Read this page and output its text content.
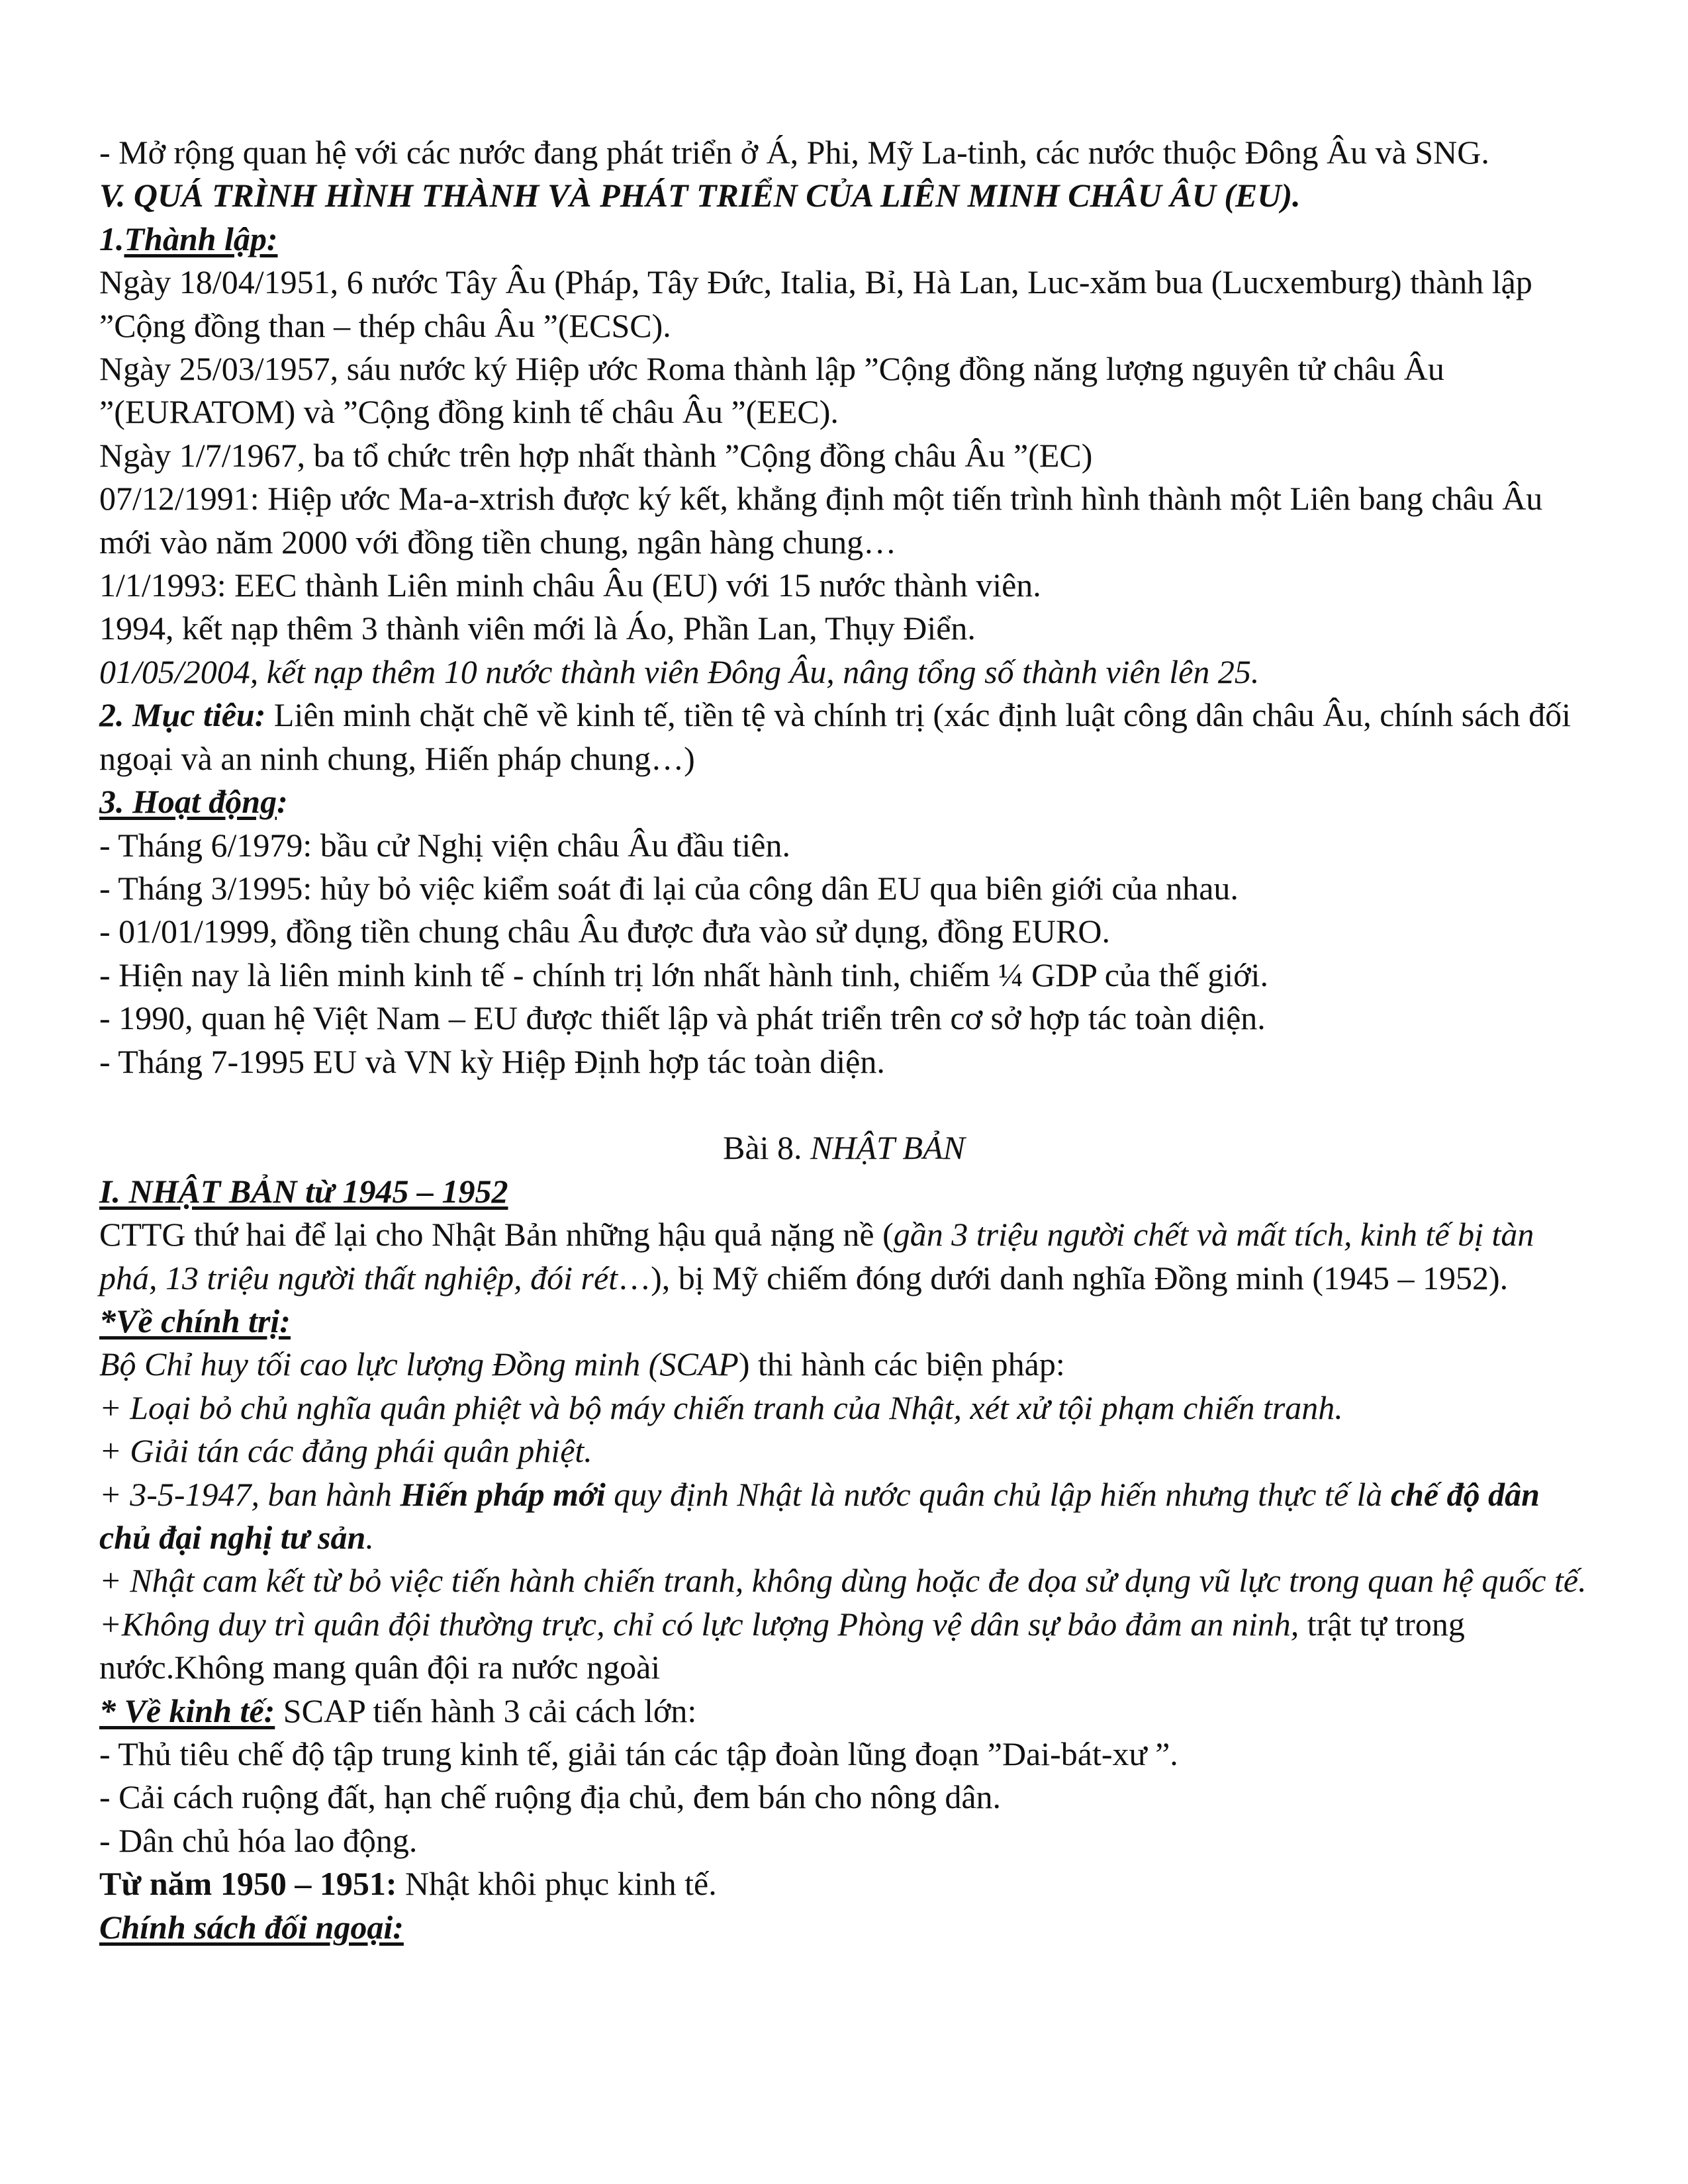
- Mở rộng quan hệ với các nước đang phát triển ở Á, Phi, Mỹ La-tinh, các nước thuộc Đông Âu và SNG.

V. QUÁ TRÌNH HÌNH THÀNH VÀ PHÁT TRIỂN CỦA LIÊN MINH CHÂU ÂU (EU).

1.Thành lập:

Ngày 18/04/1951, 6 nước Tây Âu (Pháp, Tây Đức, Italia, Bỉ, Hà Lan, Luc-xăm bua (Lucxemburg) thành lập ”Cộng đồng than – thép châu Âu ”(ECSC).

Ngày 25/03/1957, sáu nước ký Hiệp ước Roma thành lập ”Cộng đồng năng lượng nguyên tử châu Âu ”(EURATOM) và ”Cộng đồng kinh tế châu Âu ”(EEC).

Ngày 1/7/1967, ba tổ chức trên hợp nhất thành ”Cộng đồng châu Âu ”(EC)

07/12/1991: Hiệp ước Ma-a-xtrish được ký kết, khẳng định một tiến trình hình thành một Liên bang châu Âu mới vào năm 2000 với đồng tiền chung, ngân hàng chung…

1/1/1993: EEC thành Liên minh châu Âu (EU) với 15 nước thành viên.

1994, kết nạp thêm 3 thành viên mới là Áo, Phần Lan, Thụy Điển.

01/05/2004, kết nạp thêm 10 nước thành viên Đông Âu, nâng tổng số thành viên lên 25.

2. Mục tiêu: Liên minh chặt chẽ về kinh tế, tiền tệ và chính trị (xác định luật công dân châu Âu, chính sách đối ngoại và an ninh chung, Hiến pháp chung…)

3. Hoạt động:

- Tháng 6/1979: bầu cử Nghị viện châu Âu đầu tiên.

- Tháng 3/1995: hủy bỏ việc kiểm soát đi lại của công dân EU qua biên giới của nhau.

- 01/01/1999, đồng tiền chung châu Âu được đưa vào sử dụng, đồng EURO.

- Hiện nay là liên minh kinh tế - chính trị lớn nhất hành tinh, chiếm ¼ GDP của thế giới.

- 1990, quan hệ Việt Nam – EU được thiết lập và phát triển trên cơ sở hợp tác toàn diện.

- Tháng 7-1995 EU và VN kỳ Hiệp Định hợp tác toàn diện.

Bài 8. NHẬT BẢN

I. NHẬT BẢN từ 1945 – 1952

CTTG thứ hai để lại cho Nhật Bản những hậu quả nặng nề (gần 3 triệu người chết và mất tích, kinh tế bị tàn phá, 13 triệu người thất nghiệp, đói rét…), bị Mỹ chiếm đóng dưới danh nghĩa Đồng minh (1945 – 1952).

*Về chính trị:

Bộ Chỉ huy tối cao lực lượng Đồng minh (SCAP) thi hành các biện pháp:

+ Loại bỏ chủ nghĩa quân phiệt và bộ máy chiến tranh của Nhật, xét xử tội phạm chiến tranh.

+ Giải tán các đảng phái quân phiệt.

+ 3-5-1947, ban hành Hiến pháp mới quy định Nhật là nước quân chủ lập hiến nhưng thực tế là chế độ dân chủ đại nghị tư sản.

+ Nhật cam kết từ bỏ việc tiến hành chiến tranh, không dùng hoặc đe dọa sử dụng vũ lực trong quan hệ quốc tế.

+Không duy trì quân đội thường trực, chỉ có lực lượng Phòng vệ dân sự bảo đảm an ninh, trật tự trong nước.Không mang quân đội ra nước ngoài

* Về kinh tế: SCAP tiến hành 3 cải cách lớn:

- Thủ tiêu chế độ tập trung kinh tế, giải tán các tập đoàn lũng đoạn ”Dai-bát-xư ”.

- Cải cách ruộng đất, hạn chế ruộng địa chủ, đem bán cho nông dân.

- Dân chủ hóa lao động.

Từ năm 1950 – 1951: Nhật khôi phục kinh tế.

Chính sách đối ngoại:
